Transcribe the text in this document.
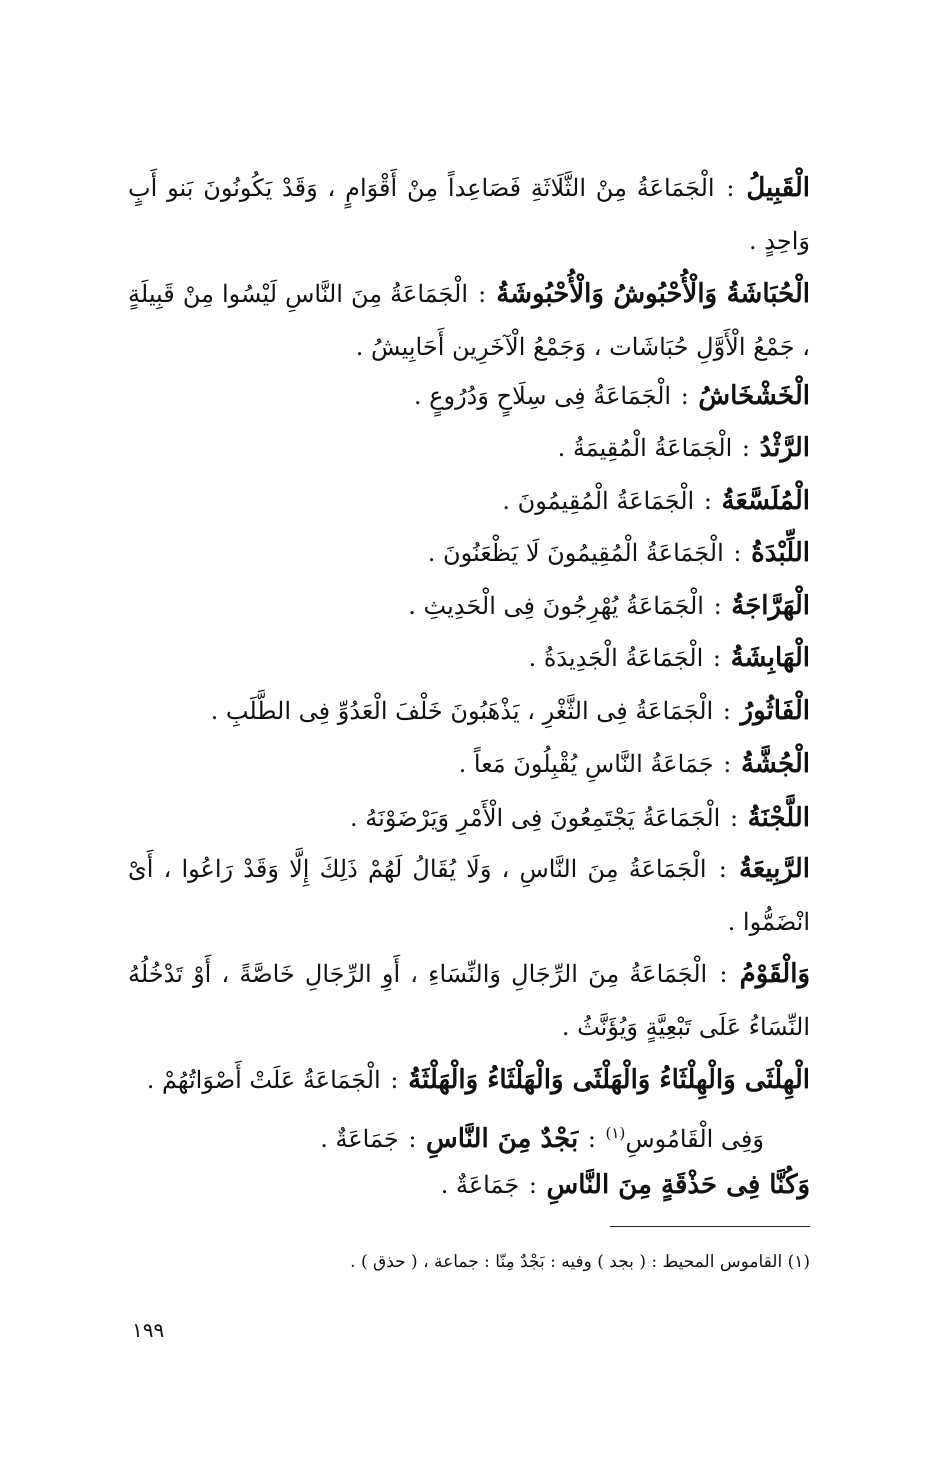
الْقَبِيلُ : الْجَمَاعَةُ مِنْ الثَّلَاثَةِ فَصَاعِداً مِنْ أَقْوَامٍ ، وَقَدْ يَكُونُونَ بَنو أَبٍ وَاحِدٍ .

الْحُبَاشَةُ وَالْأُحْبُوشُ وَالْأُحْبُوشَةُ : الْجَمَاعَةُ مِنَ النَّاسِ لَيْسُوا مِنْ قَبِيلَةٍ ، جَمْعُ الْأَوَّلِ حُبَاشَات ، وَجَمْعُ الْآخَرِين أَحَابِيشُ .

الْخَشْخَاشُ : الْجَمَاعَةُ فِى سِلَاحٍ وَدُرُوعٍ .

الرَّثْدُ : الْجَمَاعَةُ الْمُقِيمَةُ .

الْمُلَسَّعَةُ : الْجَمَاعَةُ الْمُقِيمُونَ .

اللِّبْدَةُ : الْجَمَاعَةُ الْمُقِيمُونَ لَا يَظْعَنُونَ .

الْهَرَّاجَةُ : الْجَمَاعَةُ يُهْرِجُونَ فِى الْحَدِيثِ .

الْهَابِشَةُ : الْجَمَاعَةُ الْجَدِيدَةُ .

الْفَاثُورُ : الْجَمَاعَةُ فِى الثَّغْرِ ، يَذْهَبُونَ خَلْفَ الْعَدُوِّ فِى الطَّلَبِ .

الْجُشَّةُ : جَمَاعَةُ النَّاسِ يُقْبِلُونَ مَعاً .

اللَّجْنَةُ : الْجَمَاعَةُ يَجْتَمِعُونَ فِى الْأَمْرِ وَيَرْضَوْنَهُ .

الرَّبِيعَةُ : الْجَمَاعَةُ مِنَ النَّاسِ ، وَلَا يُقَالُ لَهُمْ ذَلِكَ إِلَّا وَقَدْ رَاعُوا ، أَىْ انْضَمُّوا .

وَالْقَوْمُ : الْجَمَاعَةُ مِنَ الرِّجَالِ وَالنِّسَاءِ ، أَوِ الرِّجَالِ خَاصَّةً ، أَوْ تَدْخُلُهُ النِّسَاءُ عَلَى تَبْعِيَّةٍ وَيُؤَنَّثُ .

الْهِلْثَى وَالْهِلْثَاءُ وَالْهَلْثَى وَالْهَلْثَاءُ وَالْهَلْثَةُ : الْجَمَاعَةُ عَلَتْ أَصْوَاتُهُمْ .

وَفِى الْقَامُوسِ$^{(١)}$ : بَجْدٌ مِنَ النَّاسِ : جَمَاعَةٌ .

وَكُنَّا فِى حَذْقَةٍ مِنَ النَّاسِ : جَمَاعَةٌ .

(١) القاموس المحيط : ( بجد ) وفيه : بَجْدٌ مِنّا : جماعة ، ( حذق ) .
١٩٩
